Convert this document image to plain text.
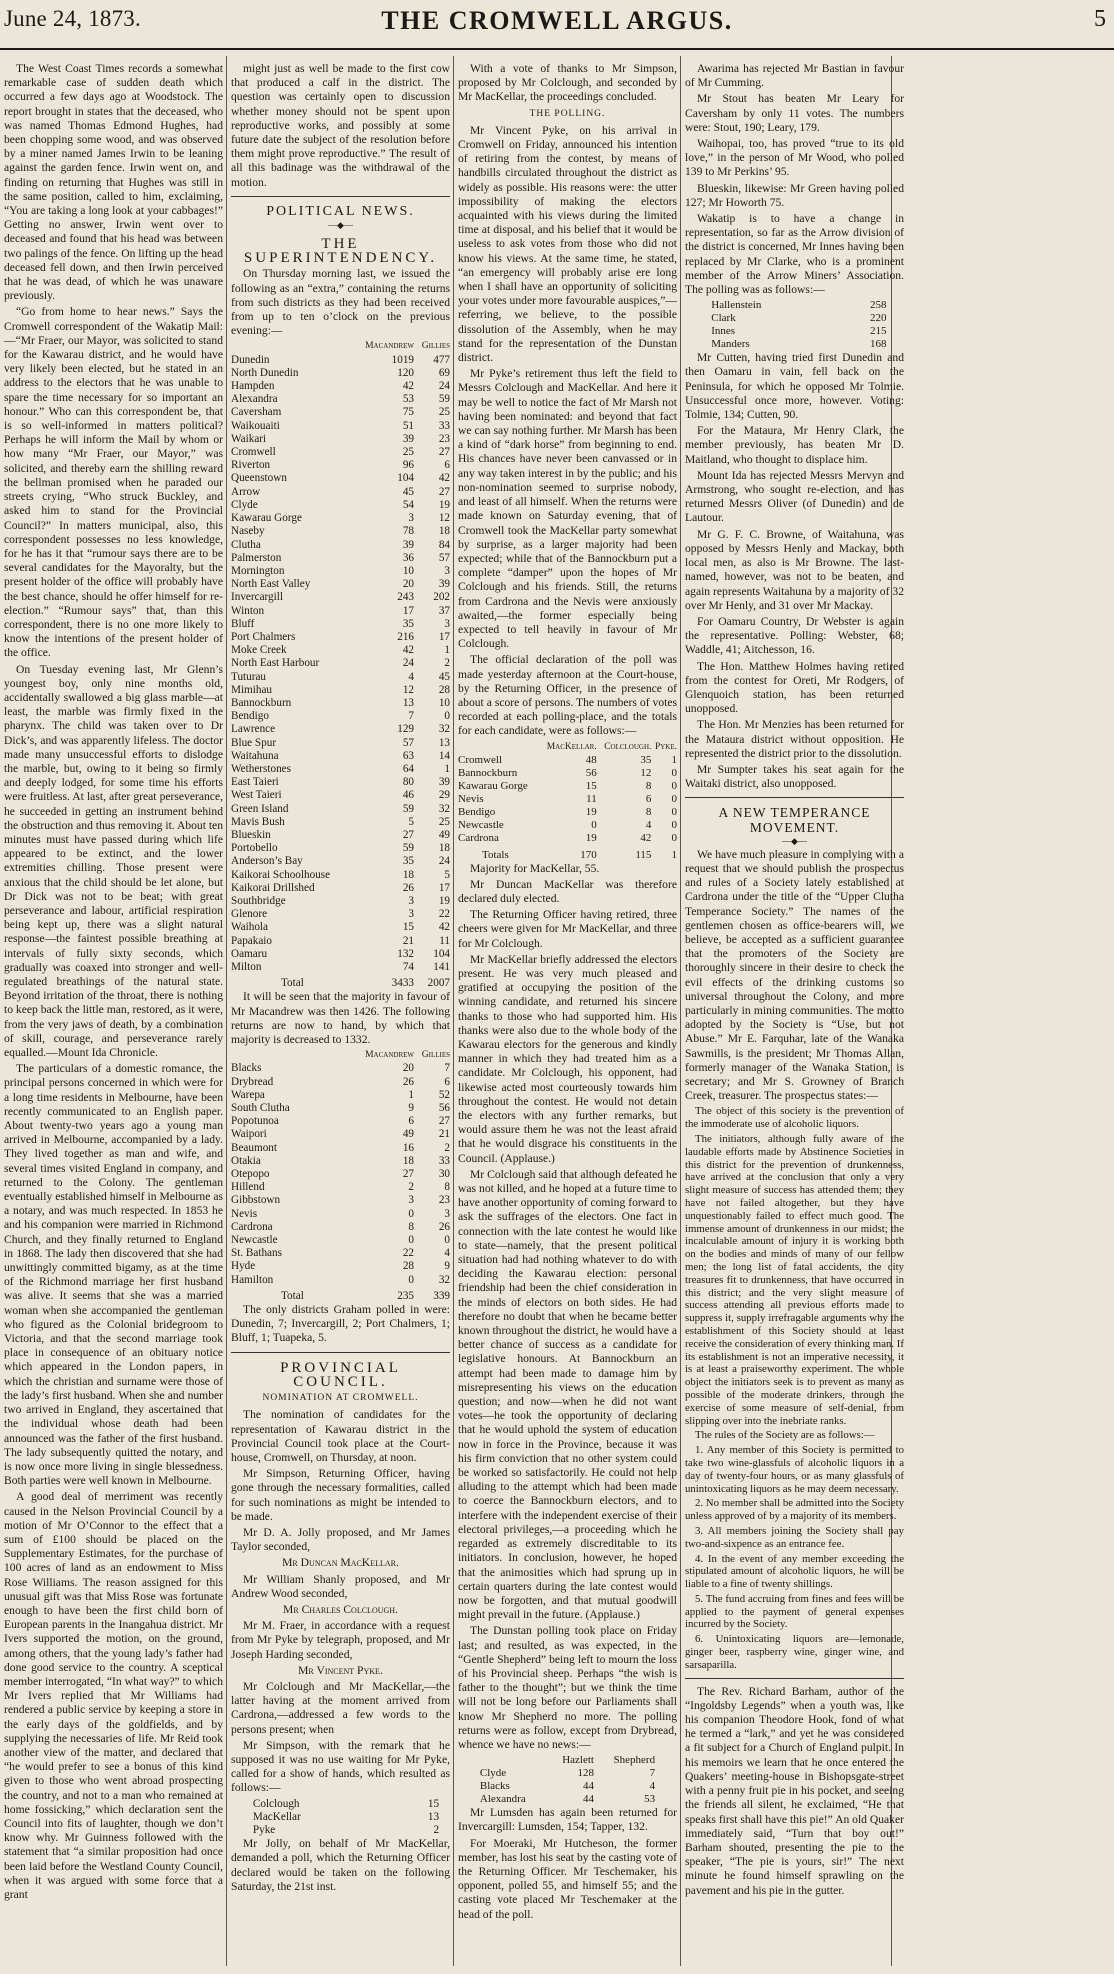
June 24, 1873.	THE CROMWELL ARGUS.	5

The West Coast Times records a somewhat remarkable case of sudden death which occurred a few days ago at Woodstock. The report brought in states that the deceased, who was named Thomas Edmond Hughes, had been chopping some wood, and was observed by a miner named James Irwin to be leaning against the garden fence. Irwin went on, and finding on returning that Hughes was still in the same position, called to him, exclaiming, “You are taking a long look at your cabbages!” Getting no answer, Irwin went over to deceased and found that his head was between two palings of the fence. On lifting up the head deceased fell down, and then Irwin perceived that he was dead, of which he was unaware previously.

“Go from home to hear news.” Says the Cromwell correspondent of the Wakatip Mail:—“Mr Fraer, our Mayor, was solicited to stand for the Kawarau district, and he would have very likely been elected, but he stated in an address to the electors that he was unable to spare the time necessary for so important an honour.” Who can this correspondent be, that is so well-informed in matters political? Perhaps he will inform the Mail by whom or how many “Mr Fraer, our Mayor,” was solicited, and thereby earn the shilling reward the bellman promised when he paraded our streets crying, “Who struck Buckley, and asked him to stand for the Provincial Council?” In matters municipal, also, this correspondent possesses no less knowledge, for he has it that “rumour says there are to be several candidates for the Mayoralty, but the present holder of the office will probably have the best chance, should he offer himself for re-election.” “Rumour says” that, than this correspondent, there is no one more likely to know the intentions of the present holder of the office.

On Tuesday evening last, Mr Glenn’s youngest boy, only nine months old, accidentally swallowed a big glass marble—at least, the marble was firmly fixed in the pharynx. The child was taken over to Dr Dick’s, and was apparently lifeless. The doctor made many unsuccessful efforts to dislodge the marble, but, owing to it being so firmly and deeply lodged, for some time his efforts were fruitless. At last, after great perseverance, he succeeded in getting an instrument behind the obstruction and thus removing it. About ten minutes must have passed during which life appeared to be extinct, and the lower extremities chilling. Those present were anxious that the child should be let alone, but Dr Dick was not to be beat; with great perseverance and labour, artificial respiration being kept up, there was a slight natural response—the faintest possible breathing at intervals of fully sixty seconds, which gradually was coaxed into stronger and well-regulated breathings of the natural state. Beyond irritation of the throat, there is nothing to keep back the little man, restored, as it were, from the very jaws of death, by a combination of skill, courage, and perseverance rarely equalled.—Mount Ida Chronicle.

The particulars of a domestic romance, the principal persons concerned in which were for a long time residents in Melbourne, have been recently communicated to an English paper. About twenty-two years ago a young man arrived in Melbourne, accompanied by a lady. They lived together as man and wife, and several times visited England in company, and returned to the Colony. The gentleman eventually established himself in Melbourne as a notary, and was much respected. In 1853 he and his companion were married in Richmond Church, and they finally returned to England in 1868. The lady then discovered that she had unwittingly committed bigamy, as at the time of the Richmond marriage her first husband was alive. It seems that she was a married woman when she accompanied the gentleman who figured as the Colonial bridegroom to Victoria, and that the second marriage took place in consequence of an obituary notice which appeared in the London papers, in which the christian and surname were those of the lady’s first husband. When she and number two arrived in England, they ascertained that the individual whose death had been announced was the father of the first husband. The lady subsequently quitted the notary, and is now once more living in single blessedness. Both parties were well known in Melbourne.

A good deal of merriment was recently caused in the Nelson Provincial Council by a motion of Mr O’Connor to the effect that a sum of £100 should be placed on the Supplementary Estimates, for the purchase of 100 acres of land as an endowment to Miss Rose Williams. The reason assigned for this unusual gift was that Miss Rose was fortunate enough to have been the first child born of European parents in the Inangahua district. Mr Ivers supported the motion, on the ground, among others, that the young lady’s father had done good service to the country. A sceptical member interrogated, “In what way?” to which Mr Ivers replied that Mr Williams had rendered a public service by keeping a store in the early days of the goldfields, and by supplying the necessaries of life. Mr Reid took another view of the matter, and declared that “he would prefer to see a bonus of this kind given to those who went abroad prospecting the country, and not to a man who remained at home fossicking,” which declaration sent the Council into fits of laughter, though we don’t know why. Mr Guinness followed with the statement that “a similar proposition had once been laid before the Westland County Council, when it was argued with some force that a grant

might just as well be made to the first cow that produced a calf in the district. The question was certainly open to discussion whether money should not be spent upon reproductive works, and possibly at some future date the subject of the resolution before them might prove reproductive.” The result of all this badinage was the withdrawal of the motion.

POLITICAL NEWS.
—◆—
THE SUPERINTENDENCY.

On Thursday morning last, we issued the following as an “extra,” containing the returns from such districts as they had been received from up to ten o’clock on the previous evening:—

	Macandrew	Gillies
Dunedin	1019	477
North Dunedin	120	69
Hampden	42	24
Alexandra	53	59
Caversham	75	25
Waikouaiti	51	33
Waikari	39	23
Cromwell	25	27
Riverton	96	6
Queenstown	104	42
Arrow	45	27
Clyde	54	19
Kawarau Gorge	3	12
Naseby	78	18
Clutha	39	84
Palmerston	36	57
Mornington	10	3
North East Valley	20	39
Invercargill	243	202
Winton	17	37
Bluff	35	3
Port Chalmers	216	17
Moke Creek	42	1
North East Harbour	24	2
Tuturau	4	45
Mimihau	12	28
Bannockburn	13	10
Bendigo	7	0
Lawrence	129	32
Blue Spur	57	13
Waitahuna	63	14
Wetherstones	64	1
East Taieri	80	39
West Taieri	46	29
Green Island	59	32
Mavis Bush	5	25
Blueskin	27	49
Portobello	59	18
Anderson’s Bay	35	24
Kaikorai Schoolhouse	18	5
Kaikorai Drillshed	26	17
Southbridge	3	19
Glenore	3	22
Waihola	15	42
Papakaio	21	11
Oamaru	132	104
Milton	74	141
Total	3433	2007

It will be seen that the majority in favour of Mr Macandrew was then 1426. The following returns are now to hand, by which that majority is decreased to 1332.

	Macandrew	Gillies
Blacks	20	7
Drybread	26	6
Warepa	1	52
South Clutha	9	56
Popotunoa	6	27
Waipori	49	21
Beaumont	16	2
Otakia	18	33
Otepopo	27	30
Hillend	2	8
Gibbstown	3	23
Nevis	0	3
Cardrona	8	26
Newcastle	0	0
St. Bathans	22	4
Hyde	28	9
Hamilton	0	32
Total	235	339

The only districts Graham polled in were: Dunedin, 7; Invercargill, 2; Port Chalmers, 1; Bluff, 1; Tuapeka, 5.

PROVINCIAL COUNCIL.
NOMINATION AT CROMWELL.

The nomination of candidates for the representation of Kawarau district in the Provincial Council took place at the Court-house, Cromwell, on Thursday, at noon.

Mr Simpson, Returning Officer, having gone through the necessary formalities, called for such nominations as might be intended to be made.

Mr D. A. Jolly proposed, and Mr James Taylor seconded,

Mr Duncan MacKellar.

Mr William Shanly proposed, and Mr Andrew Wood seconded,

Mr Charles Colclough.

Mr M. Fraer, in accordance with a request from Mr Pyke by telegraph, proposed, and Mr Joseph Harding seconded,

Mr Vincent Pyke.

Mr Colclough and Mr MacKellar,—the latter having at the moment arrived from Cardrona,—addressed a few words to the persons present; when

Mr Simpson, with the remark that he supposed it was no use waiting for Mr Pyke, called for a show of hands, which resulted as follows:—

Colclough	15
MacKellar	13
Pyke	2

Mr Jolly, on behalf of Mr MacKellar, demanded a poll, which the Returning Officer declared would be taken on the following Saturday, the 21st inst.

With a vote of thanks to Mr Simpson, proposed by Mr Colclough, and seconded by Mr MacKellar, the proceedings concluded.

THE POLLING.

Mr Vincent Pyke, on his arrival in Cromwell on Friday, announced his intention of retiring from the contest, by means of handbills circulated throughout the district as widely as possible. His reasons were: the utter impossibility of making the electors acquainted with his views during the limited time at disposal, and his belief that it would be useless to ask votes from those who did not know his views. At the same time, he stated, “an emergency will probably arise ere long when I shall have an opportunity of soliciting your votes under more favourable auspices,”—referring, we believe, to the possible dissolution of the Assembly, when he may stand for the representation of the Dunstan district.

Mr Pyke’s retirement thus left the field to Messrs Colclough and MacKellar. And here it may be well to notice the fact of Mr Marsh not having been nominated: and beyond that fact we can say nothing further. Mr Marsh has been a kind of “dark horse” from beginning to end. His chances have never been canvassed or in any way taken interest in by the public; and his non-nomination seemed to surprise nobody, and least of all himself. When the returns were made known on Saturday evening, that of Cromwell took the MacKellar party somewhat by surprise, as a larger majority had been expected; while that of the Bannockburn put a complete “damper” upon the hopes of Mr Colclough and his friends. Still, the returns from Cardrona and the Nevis were anxiously awaited,—the former especially being expected to tell heavily in favour of Mr Colclough.

The official declaration of the poll was made yesterday afternoon at the Court-house, by the Returning Officer, in the presence of about a score of persons. The numbers of votes recorded at each polling-place, and the totals for each candidate, were as follows:—

	MacKellar.	Colclough.	Pyke.
Cromwell	48	35	1
Bannockburn	56	12	0
Kawarau Gorge	15	8	0
Nevis	11	6	0
Bendigo	19	8	0
Newcastle	0	4	0
Cardrona	19	42	0
Totals	170	115	1

Majority for MacKellar, 55.

Mr Duncan MacKellar was therefore declared duly elected.

The Returning Officer having retired, three cheers were given for Mr MacKellar, and three for Mr Colclough.

Mr MacKellar briefly addressed the electors present. He was very much pleased and gratified at occupying the position of the winning candidate, and returned his sincere thanks to those who had supported him. His thanks were also due to the whole body of the Kawarau electors for the generous and kindly manner in which they had treated him as a candidate. Mr Colclough, his opponent, had likewise acted most courteously towards him throughout the contest. He would not detain the electors with any further remarks, but would assure them he was not the least afraid that he would disgrace his constituents in the Council. (Applause.)

Mr Colclough said that although defeated he was not killed, and he hoped at a future time to have another opportunity of coming forward to ask the suffrages of the electors. One fact in connection with the late contest he would like to state—namely, that the present political situation had had nothing whatever to do with deciding the Kawarau election: personal friendship had been the chief consideration in the minds of electors on both sides. He had therefore no doubt that when he became better known throughout the district, he would have a better chance of success as a candidate for legislative honours. At Bannockburn an attempt had been made to damage him by misrepresenting his views on the education question; and now—when he did not want votes—he took the opportunity of declaring that he would uphold the system of education now in force in the Province, because it was his firm conviction that no other system could be worked so satisfactorily. He could not help alluding to the attempt which had been made to coerce the Bannockburn electors, and to interfere with the independent exercise of their electoral privileges,—a proceeding which he regarded as extremely discreditable to its initiators. In conclusion, however, he hoped that the animosities which had sprung up in certain quarters during the late contest would now be forgotten, and that mutual goodwill might prevail in the future. (Applause.)

The Dunstan polling took place on Friday last; and resulted, as was expected, in the “Gentle Shepherd” being left to mourn the loss of his Provincial sheep. Perhaps “the wish is father to the thought”; but we think the time will not be long before our Parliaments shall know Mr Shepherd no more. The polling returns were as follow, except from Drybread, whence we have no news:—

	Hazlett	Shepherd
Clyde	128	7
Blacks	44	4
Alexandra	44	53

Mr Lumsden has again been returned for Invercargill: Lumsden, 154; Tapper, 132.

For Moeraki, Mr Hutcheson, the former member, has lost his seat by the casting vote of the Returning Officer. Mr Teschemaker, his opponent, polled 55, and himself 55; and the casting vote placed Mr Teschemaker at the head of the poll.

Awarima has rejected Mr Bastian in favour of Mr Cumming.

Mr Stout has beaten Mr Leary for Caversham by only 11 votes. The numbers were: Stout, 190; Leary, 179.

Waihopai, too, has proved “true to its old love,” in the person of Mr Wood, who polled 139 to Mr Perkins’ 95.

Blueskin, likewise: Mr Green having polled 127; Mr Howorth 75.

Wakatip is to have a change in representation, so far as the Arrow division of the district is concerned, Mr Innes having been replaced by Mr Clarke, who is a prominent member of the Arrow Miners’ Association. The polling was as follows:—

Hallenstein	258
Clark	220
Innes	215
Manders	168

Mr Cutten, having tried first Dunedin and then Oamaru in vain, fell back on the Peninsula, for which he opposed Mr Tolmie. Unsuccessful once more, however. Voting: Tolmie, 134; Cutten, 90.

For the Mataura, Mr Henry Clark, the member previously, has beaten Mr D. Maitland, who thought to displace him.

Mount Ida has rejected Messrs Mervyn and Armstrong, who sought re-election, and has returned Messrs Oliver (of Dunedin) and de Lautour.

Mr G. F. C. Browne, of Waitahuna, was opposed by Messrs Henly and Mackay, both local men, as also is Mr Browne. The last-named, however, was not to be beaten, and again represents Waitahuna by a majority of 32 over Mr Henly, and 31 over Mr Mackay.

For Oamaru Country, Dr Webster is again the representative. Polling: Webster, 68; Waddle, 41; Aitchesson, 16.

The Hon. Matthew Holmes having retired from the contest for Oreti, Mr Rodgers, of Glenquoich station, has been returned unopposed.

The Hon. Mr Menzies has been returned for the Mataura district without opposition. He represented the district prior to the dissolution.

Mr Sumpter takes his seat again for the Waitaki district, also unopposed.

A NEW TEMPERANCE MOVEMENT.
—◆—

We have much pleasure in complying with a request that we should publish the prospectus and rules of a Society lately established at Cardrona under the title of the “Upper Clutha Temperance Society.” The names of the gentlemen chosen as office-bearers will, we believe, be accepted as a sufficient guarantee that the promoters of the Society are thoroughly sincere in their desire to check the evil effects of the drinking customs so universal throughout the Colony, and more particularly in mining communities. The motto adopted by the Society is “Use, but not Abuse.” Mr E. Farquhar, late of the Wanaka Sawmills, is the president; Mr Thomas Allan, formerly manager of the Wanaka Station, is secretary; and Mr S. Growney of Branch Creek, treasurer. The prospectus states:—

The object of this society is the prevention of the immoderate use of alcoholic liquors.

The initiators, although fully aware of the laudable efforts made by Abstinence Societies in this district for the prevention of drunkenness, have arrived at the conclusion that only a very slight measure of success has attended them; they have not failed altogether, but they have unquestionably failed to effect much good. The immense amount of drunkenness in our midst; the incalculable amount of injury it is working both on the bodies and minds of many of our fellow men; the long list of fatal accidents, the city treasures fit to drunkenness, that have occurred in this district; and the very slight measure of success attending all previous efforts made to suppress it, supply irrefragable arguments why the establishment of this Society should at least receive the consideration of every thinking man. If its establishment is not an imperative necessity, it is at least a praiseworthy experiment. The whole object the initiators seek is to prevent as many as possible of the moderate drinkers, through the exercise of some measure of self-denial, from slipping over into the inebriate ranks.

The rules of the Society are as follows:—

1. Any member of this Society is permitted to take two wine-glassfuls of alcoholic liquors in a day of twenty-four hours, or as many glassfuls of unintoxicating liquors as he may deem necessary.

2. No member shall be admitted into the Society unless approved of by a majority of its members.

3. All members joining the Society shall pay two-and-sixpence as an entrance fee.

4. In the event of any member exceeding the stipulated amount of alcoholic liquors, he will be liable to a fine of twenty shillings.

5. The fund accruing from fines and fees will be applied to the payment of general expenses incurred by the Society.

6. Unintoxicating liquors are—lemonade, ginger beer, raspberry wine, ginger wine, and sarsaparilla.

The Rev. Richard Barham, author of the “Ingoldsby Legends” when a youth was, like his companion Theodore Hook, fond of what he termed a “lark,” and yet he was considered a fit subject for a Church of England pulpit. In his memoirs we learn that he once entered the Quakers’ meeting-house in Bishopsgate-street with a penny fruit pie in his pocket, and seeing the friends all silent, he exclaimed, “He that speaks first shall have this pie!” An old Quaker immediately said, “Turn that boy out!” Barham shouted, presenting the pie to the speaker, “The pie is yours, sir!” The next minute he found himself sprawling on the pavement and his pie in the gutter.
